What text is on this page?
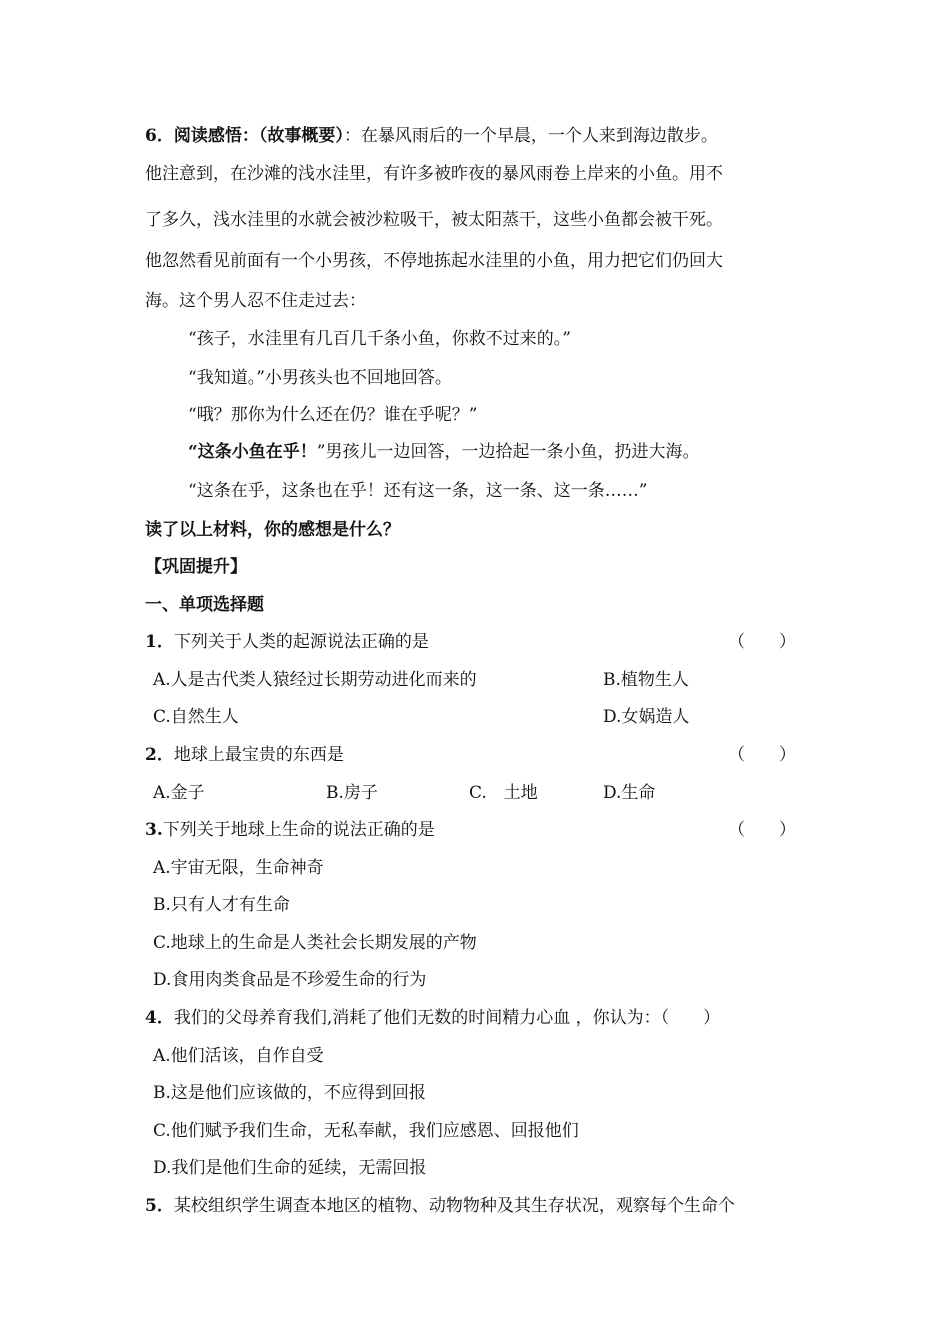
6．阅读感悟：（故事概要）：在暴风雨后的一个早晨，一个人来到海边散步。
他注意到，在沙滩的浅水洼里，有许多被昨夜的暴风雨卷上岸来的小鱼。用不
了多久，浅水洼里的水就会被沙粒吸干，被太阳蒸干，这些小鱼都会被干死。
他忽然看见前面有一个小男孩，不停地拣起水洼里的小鱼，用力把它们仍回大
海。这个男人忍不住走过去：
“孩子，水洼里有几百几千条小鱼，你救不过来的。”
“我知道。”小男孩头也不回地回答。
“哦？那你为什么还在仍？谁在乎呢？”
“这条小鱼在乎！”男孩儿一边回答，一边拾起一条小鱼，扔进大海。
“这条在乎，这条也在乎！还有这一条，这一条、这一条……”
读了以上材料，你的感想是什么？
【巩固提升】
一、单项选择题
1．下列关于人类的起源说法正确的是	（　　）
A.人是古代类人猿经过长期劳动进化而来的	B.植物生人
C.自然生人	D.女娲造人
2．地球上最宝贵的东西是	（　　）
A.金子	B.房子	C.　土地	D.生命
3.下列关于地球上生命的说法正确的是	（　　）
A.宇宙无限，生命神奇
B.只有人才有生命
C.地球上的生命是人类社会长期发展的产物
D.食用肉类食品是不珍爱生命的行为
4．我们的父母养育我们,消耗了他们无数的时间精力心血 ，你认为：（　　）
A.他们活该，自作自受
B.这是他们应该做的，不应得到回报
C.他们赋予我们生命，无私奉献，我们应感恩、回报他们
D.我们是他们生命的延续，无需回报
5．某校组织学生调查本地区的植物、动物物种及其生存状况，观察每个生命个
